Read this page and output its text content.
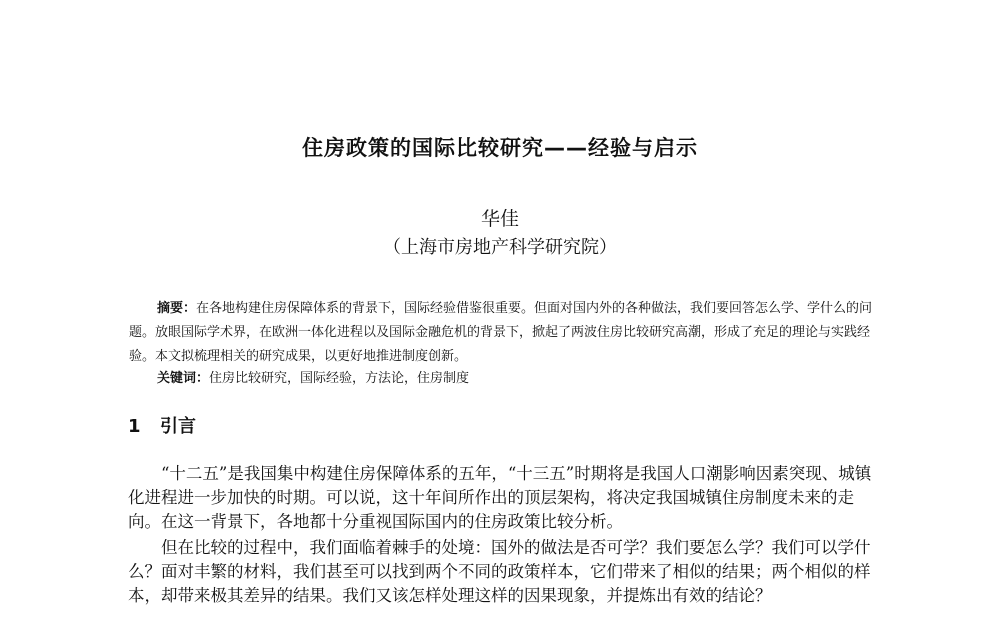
住房政策的国际比较研究——经验与启示
华佳
（上海市房地产科学研究院）
摘要：在各地构建住房保障体系的背景下，国际经验借鉴很重要。但面对国内外的各种做法，我们要回答怎么学、学什么的问题。放眼国际学术界，在欧洲一体化进程以及国际金融危机的背景下，掀起了两波住房比较研究高潮，形成了充足的理论与实践经验。本文拟梳理相关的研究成果，以更好地推进制度创新。
关键词：住房比较研究，国际经验，方法论，住房制度
1 引言

“十二五”是我国集中构建住房保障体系的五年，“十三五”时期将是我国人口潮影响因素突现、城镇化进程进一步加快的时期。可以说，这十年间所作出的顶层架构，将决定我国城镇住房制度未来的走向。在这一背景下，各地都十分重视国际国内的住房政策比较分析。

但在比较的过程中，我们面临着棘手的处境：国外的做法是否可学？我们要怎么学？我们可以学什么？面对丰繁的材料，我们甚至可以找到两个不同的政策样本，它们带来了相似的结果；两个相似的样本，却带来极其差异的结果。我们又该怎样处理这样的因果现象，并提炼出有效的结论？
